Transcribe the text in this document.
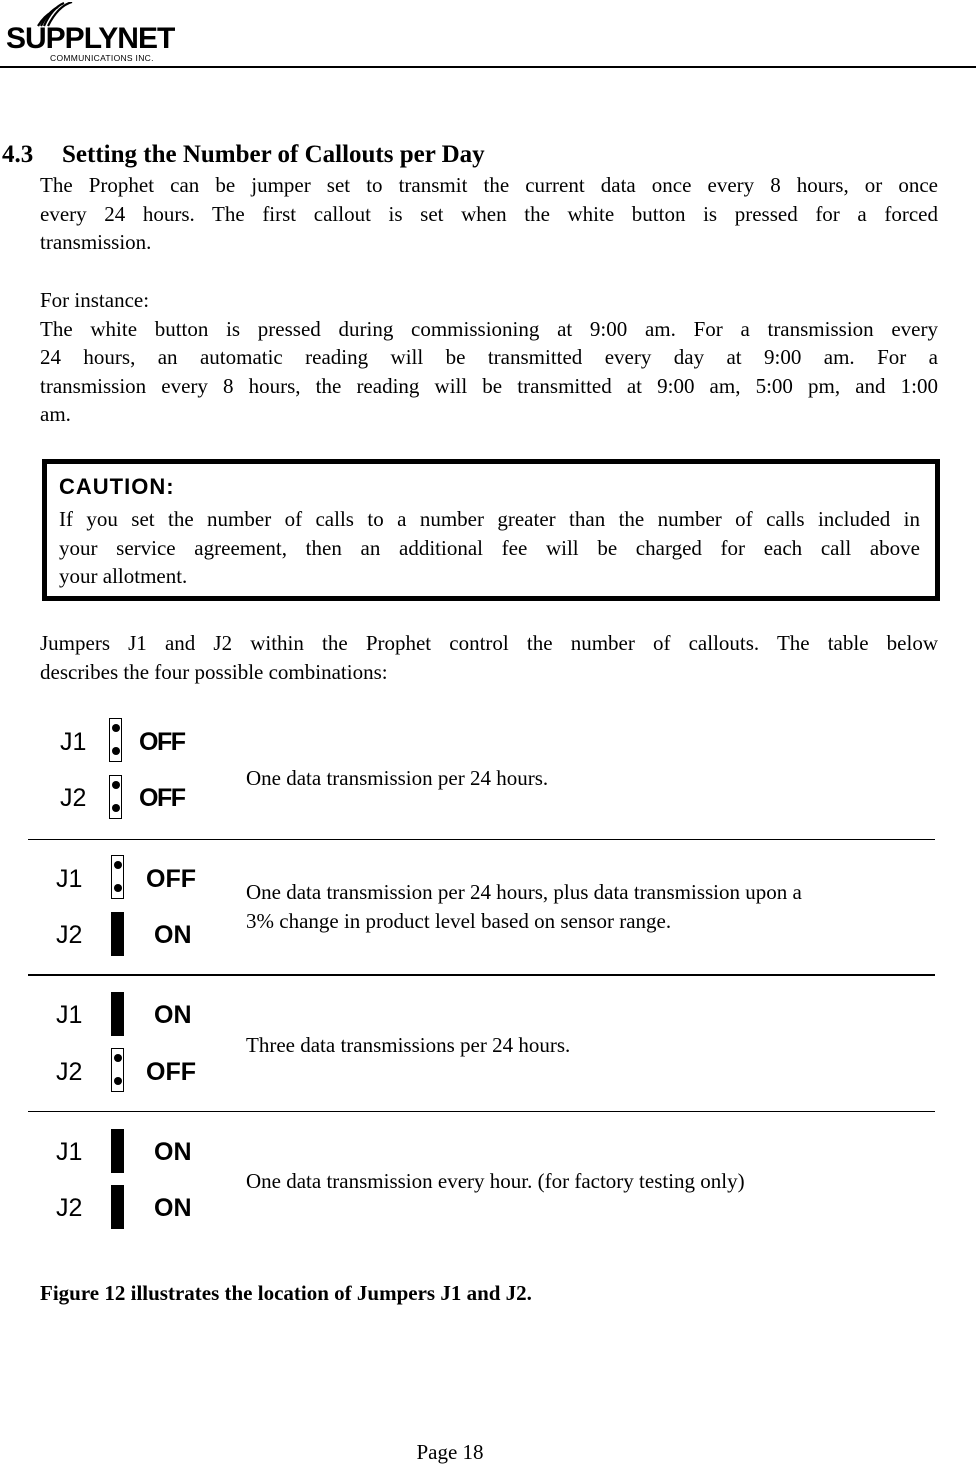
SUPPLYNET
COMMUNICATIONS INC.
4.3 Setting the Number of Callouts per Day
The Prophet can be jumper set to transmit the current data once every 8 hours, or once
every 24 hours. The first callout is set when the white button is pressed for a forced
transmission.
For instance:
The white button is pressed during commissioning at 9:00 am. For a transmission every
24 hours, an automatic reading will be transmitted every day at 9:00 am. For a
transmission every 8 hours, the reading will be transmitted at 9:00 am, 5:00 pm, and 1:00
am.
CAUTION:
If you set the number of calls to a number greater than the number of calls included in
your service agreement, then an additional fee will be charged for each call above
your allotment.
Jumpers J1 and J2 within the Prophet control the number of callouts. The table below
describes the four possible combinations:
J1 OFF
J2 OFF
One data transmission per 24 hours.
J1	OFF
J2	ON
One data transmission per 24 hours, plus data transmission upon a
3% change in product level based on sensor range.
J1	ON
J2	OFF
Three data transmissions per 24 hours.
J1	ON
J2	ON
One data transmission every hour. (for factory testing only)
Figure 12 illustrates the location of Jumpers J1 and J2.
Page 18
